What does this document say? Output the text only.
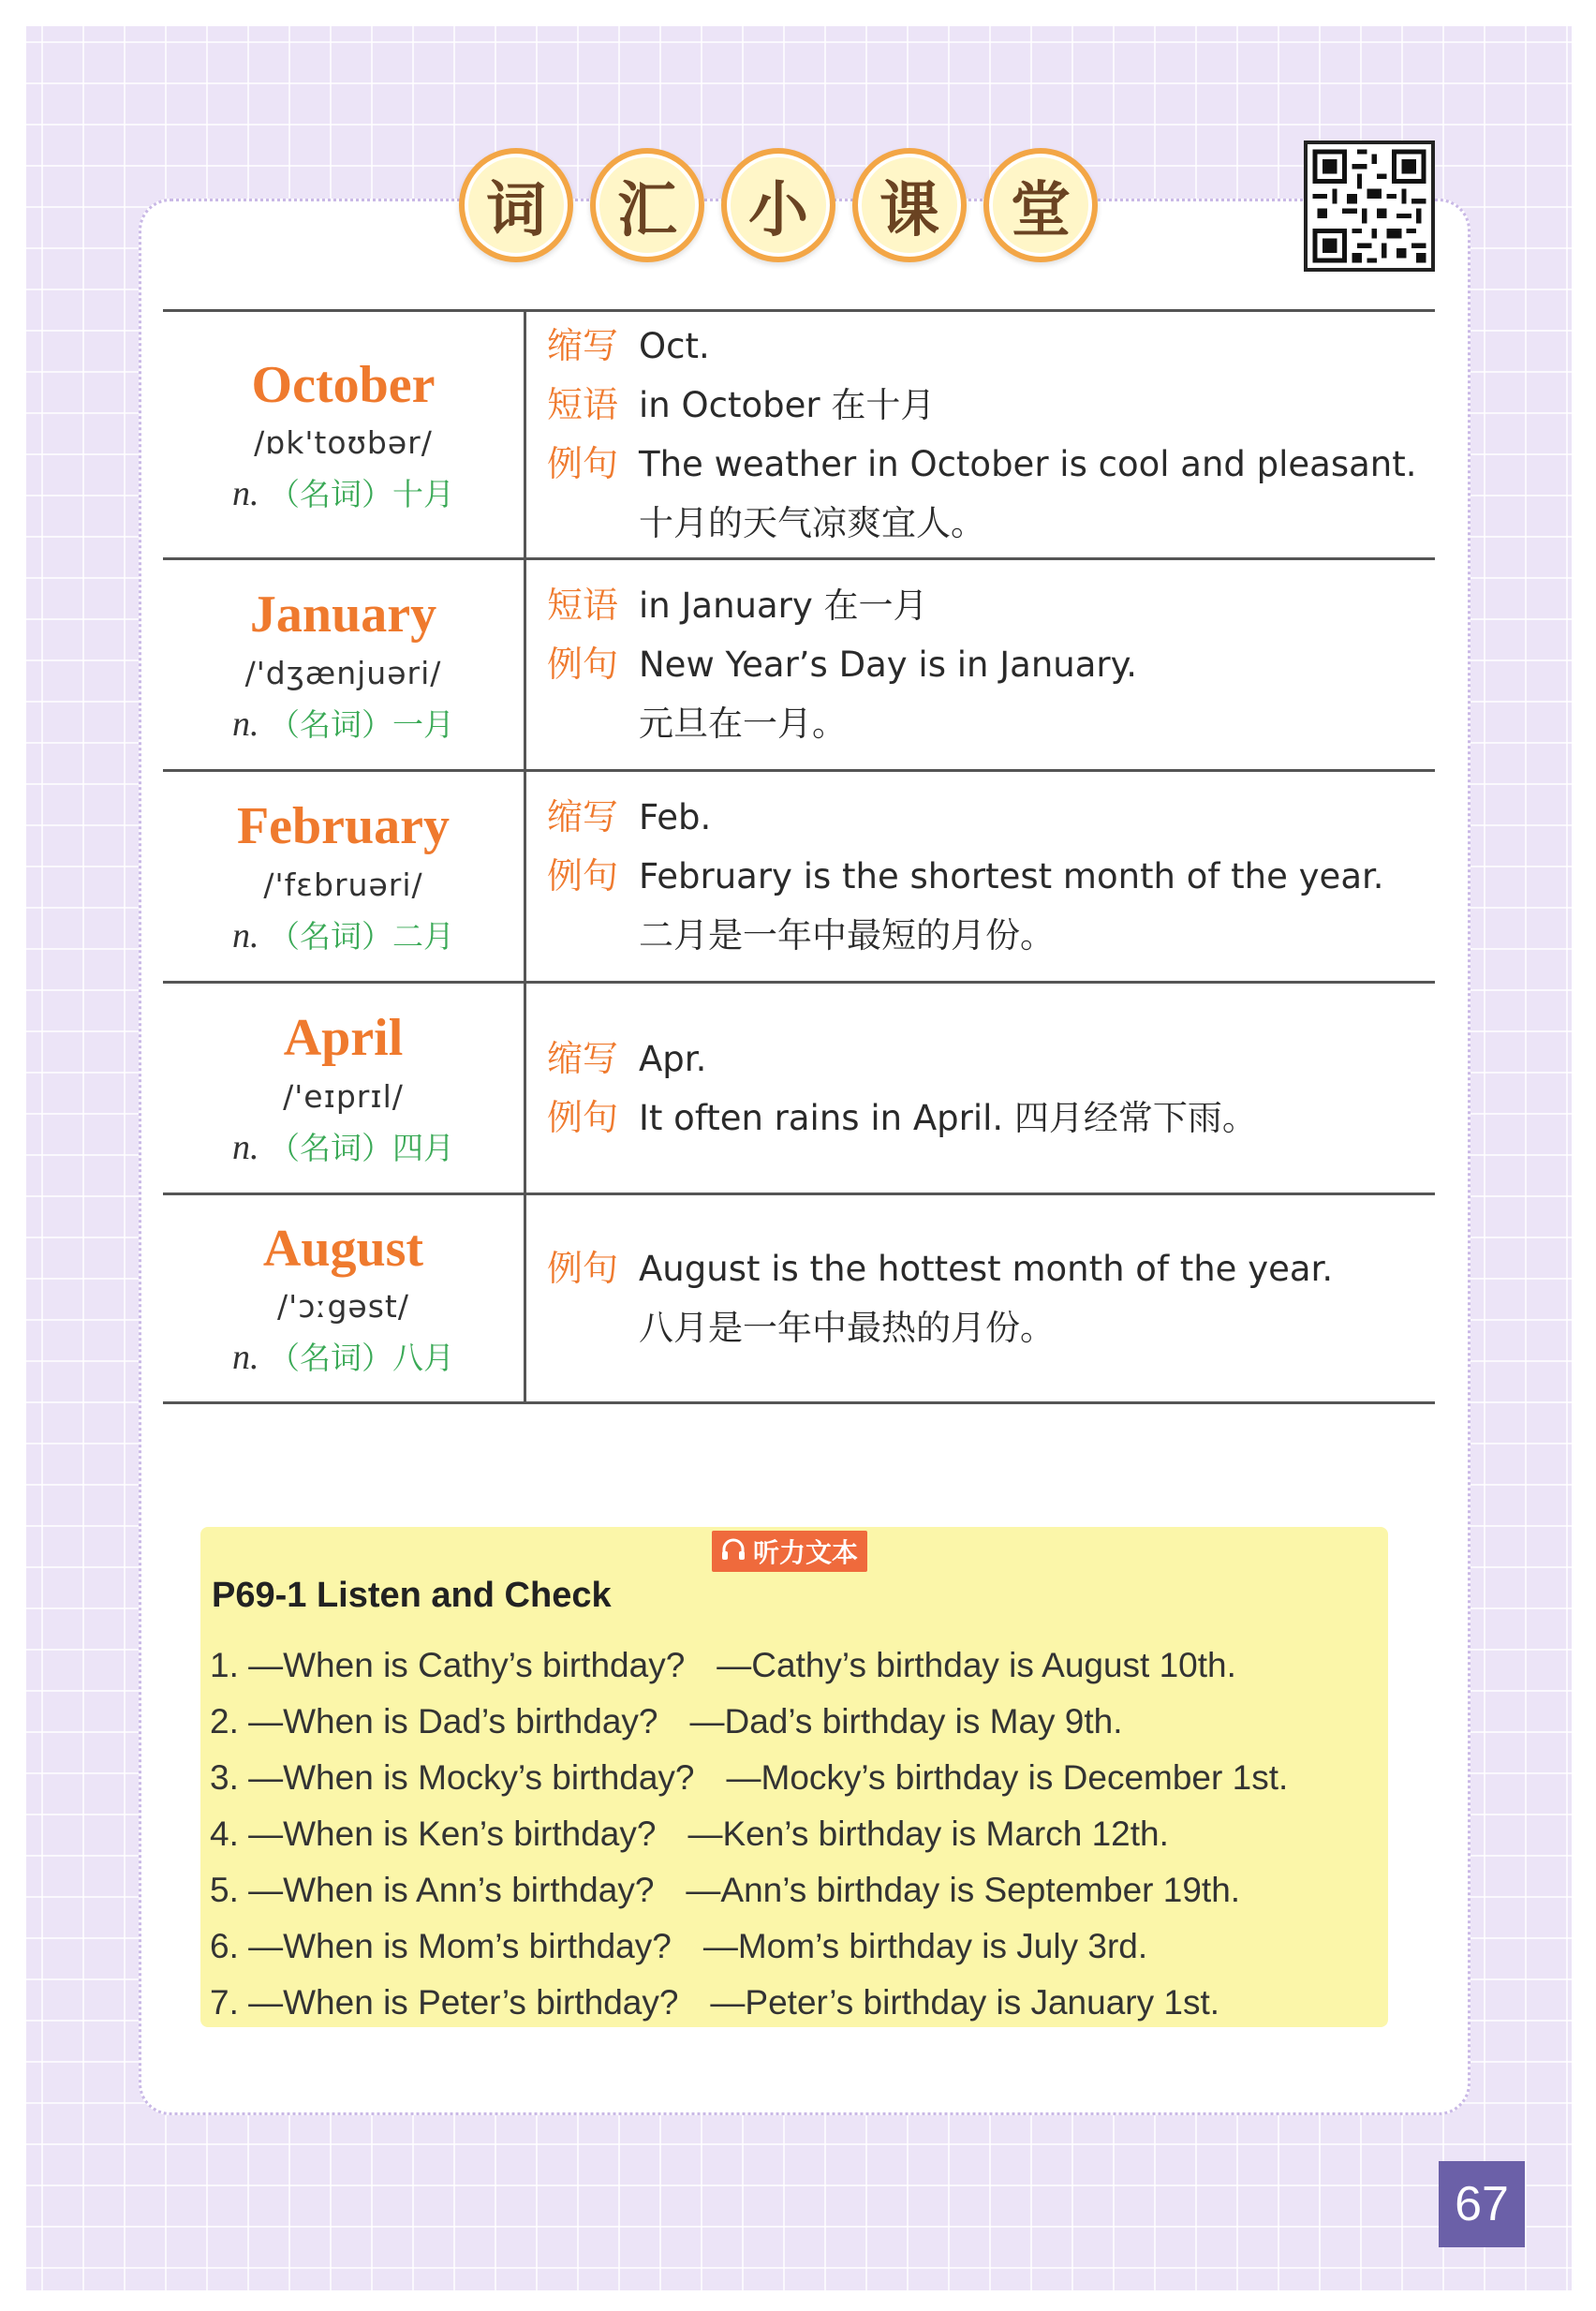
词	汇	小	课	堂
October
/ɒk'toʊbər/
n. （名词）十月
缩写 Oct.
短语 in October 在十月
例句 The weather in October is cool and pleasant.
十月的天气凉爽宜人。
January
/'dʒænjuəri/
n. （名词）一月
短语 in January 在一月
例句 New Year’s Day is in January.
元旦在一月。
February
/'fɛbruəri/
n. （名词）二月
缩写 Feb.
例句 February is the shortest month of the year.
二月是一年中最短的月份。
April
/'eɪprɪl/
n. （名词）四月
缩写 Apr.
例句 It often rains in April. 四月经常下雨。
August
/'ɔːgəst/
n. （名词）八月
例句 August is the hottest month of the year.
八月是一年中最热的月份。
听力文本
P69-1 Listen and Check
1. —When is Cathy’s birthday? —Cathy’s birthday is August 10th.
2. —When is Dad’s birthday? —Dad’s birthday is May 9th.
3. —When is Mocky’s birthday? —Mocky’s birthday is December 1st.
4. —When is Ken’s birthday? —Ken’s birthday is March 12th.
5. —When is Ann’s birthday? —Ann’s birthday is September 19th.
6. —When is Mom’s birthday? —Mom’s birthday is July 3rd.
7. —When is Peter’s birthday? —Peter’s birthday is January 1st.
67
